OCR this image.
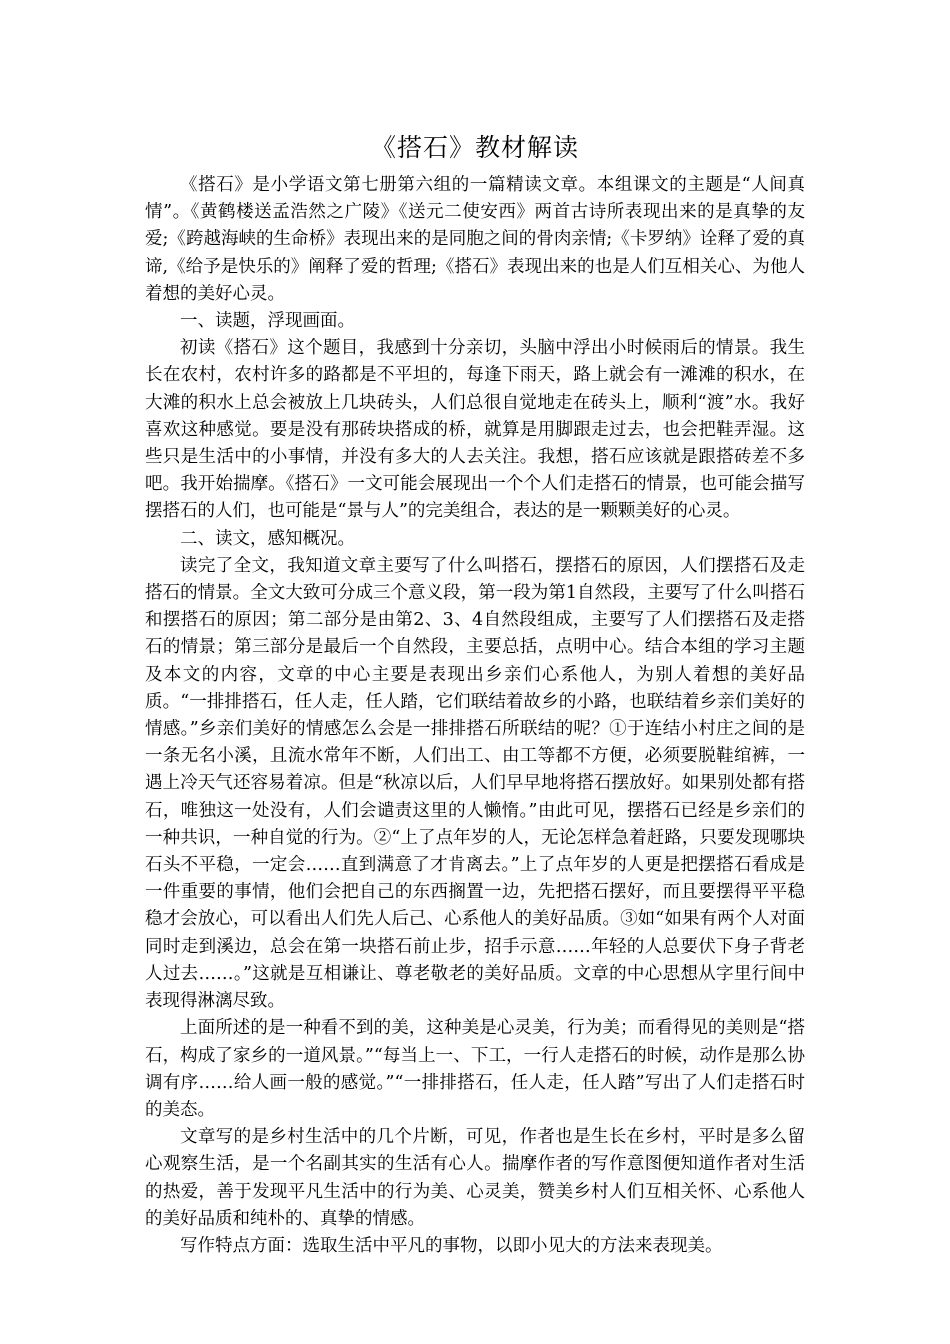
《搭石》教材解读

《搭石》是小学语文第七册第六组的一篇精读文章。本组课文的主题是“人间真情”。《黄鹤楼送孟浩然之广陵》《送元二使安西》两首古诗所表现出来的是真挚的友爱;《跨越海峡的生命桥》表现出来的是同胞之间的骨肉亲情;《卡罗纳》诠释了爱的真谛,《给予是快乐的》阐释了爱的哲理;《搭石》表现出来的也是人们互相关心、为他人着想的美好心灵。

一、读题，浮现画面。

初读《搭石》这个题目，我感到十分亲切，头脑中浮出小时候雨后的情景。我生长在农村，农村许多的路都是不平坦的，每逢下雨天，路上就会有一滩滩的积水，在大滩的积水上总会被放上几块砖头，人们总很自觉地走在砖头上，顺利“渡”水。我好喜欢这种感觉。要是没有那砖块搭成的桥，就算是用脚跟走过去，也会把鞋弄湿。这些只是生活中的小事情，并没有多大的人去关注。我想，搭石应该就是跟搭砖差不多吧。我开始揣摩。《搭石》一文可能会展现出一个个人们走搭石的情景，也可能会描写摆搭石的人们，也可能是“景与人”的完美组合，表达的是一颗颗美好的心灵。

二、读文，感知概况。

读完了全文，我知道文章主要写了什么叫搭石，摆搭石的原因，人们摆搭石及走搭石的情景。全文大致可分成三个意义段，第一段为第1自然段，主要写了什么叫搭石和摆搭石的原因；第二部分是由第2、3、4自然段组成，主要写了人们摆搭石及走搭石的情景；第三部分是最后一个自然段，主要总括，点明中心。结合本组的学习主题及本文的内容，文章的中心主要是表现出乡亲们心系他人，为别人着想的美好品质。“一排排搭石，任人走，任人踏，它们联结着故乡的小路，也联结着乡亲们美好的情感。”乡亲们美好的情感怎么会是一排排搭石所联结的呢？①于连结小村庄之间的是一条无名小溪，且流水常年不断，人们出工、由工等都不方便，必须要脱鞋绾裤，一遇上冷天气还容易着凉。但是“秋凉以后，人们早早地将搭石摆放好。如果别处都有搭石，唯独这一处没有，人们会谴责这里的人懒惰。”由此可见，摆搭石已经是乡亲们的一种共识，一种自觉的行为。②“上了点年岁的人，无论怎样急着赶路，只要发现哪块石头不平稳，一定会……直到满意了才肯离去。”上了点年岁的人更是把摆搭石看成是一件重要的事情，他们会把自己的东西搁置一边，先把搭石摆好，而且要摆得平平稳稳才会放心，可以看出人们先人后己、心系他人的美好品质。③如“如果有两个人对面同时走到溪边，总会在第一块搭石前止步，招手示意……年轻的人总要伏下身子背老人过去……。”这就是互相谦让、尊老敬老的美好品质。文章的中心思想从字里行间中表现得淋漓尽致。

上面所述的是一种看不到的美，这种美是心灵美，行为美；而看得见的美则是“搭石，构成了家乡的一道风景。”“每当上一、下工，一行人走搭石的时候，动作是那么协调有序……给人画一般的感觉。”“一排排搭石，任人走，任人踏”写出了人们走搭石时的美态。

文章写的是乡村生活中的几个片断，可见，作者也是生长在乡村，平时是多么留心观察生活，是一个名副其实的生活有心人。揣摩作者的写作意图便知道作者对生活的热爱，善于发现平凡生活中的行为美、心灵美，赞美乡村人们互相关怀、心系他人的美好品质和纯朴的、真挚的情感。

写作特点方面：选取生活中平凡的事物，以即小见大的方法来表现美。
